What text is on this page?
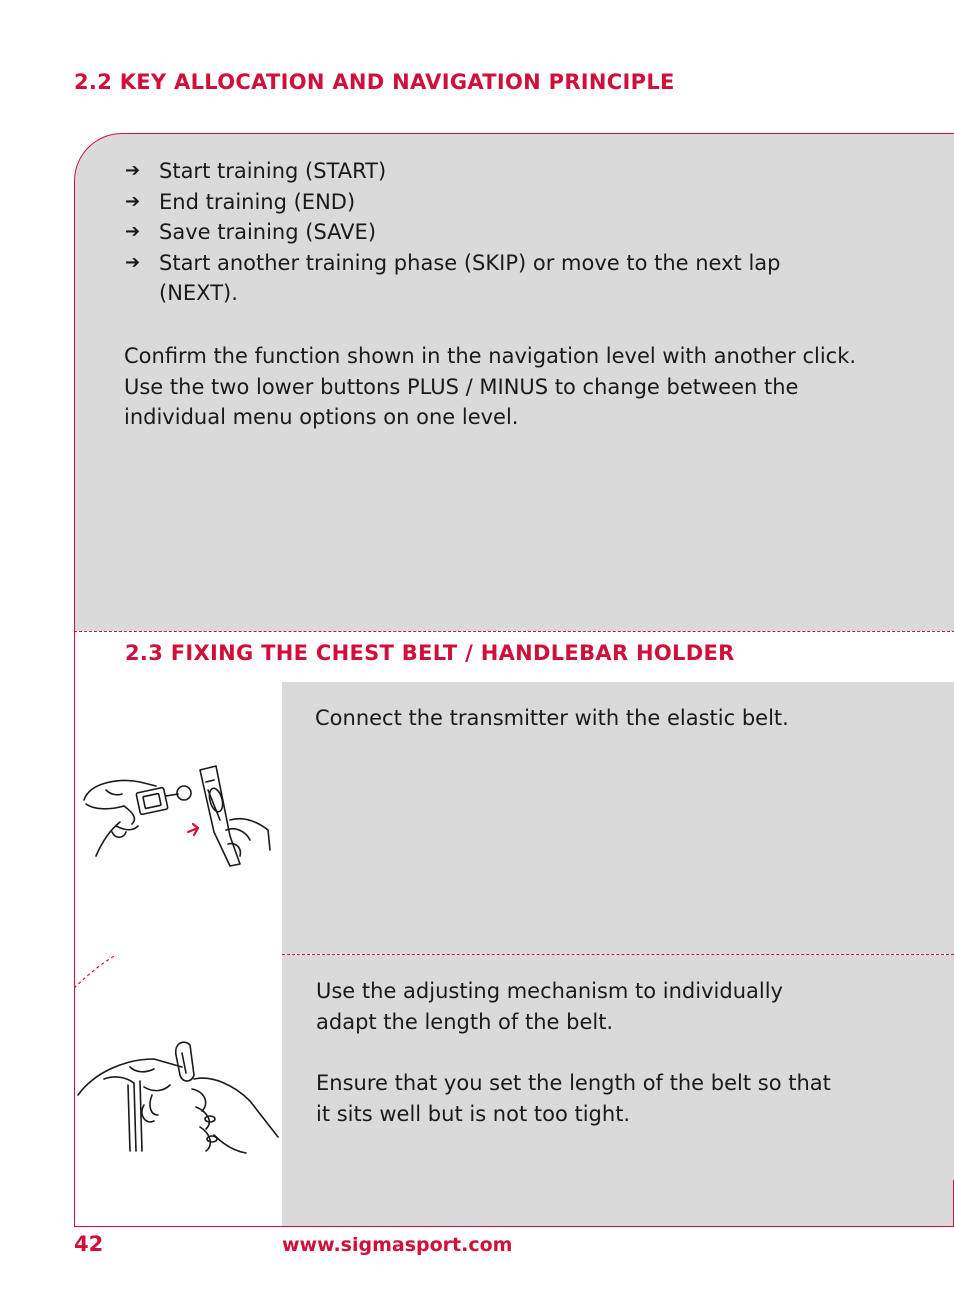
2.2 KEY ALLOCATION AND NAVIGATION PRINCIPLE
➔ Start training (START)
➔ End training (END)
➔ Save training (SAVE)
➔ Start another training phase (SKIP) or move to the next lap (NEXT).

Confirm the function shown in the navigation level with another click. Use the two lower buttons PLUS / MINUS to change between the individual menu options on one level.

2.3 FIXING THE CHEST BELT / HANDLEBAR HOLDER

Connect the transmitter with the elastic belt.

Use the adjusting mechanism to individually adapt the length of the belt.

Ensure that you set the length of the belt so that it sits well but is not too tight.

42	www.sigmasport.com
